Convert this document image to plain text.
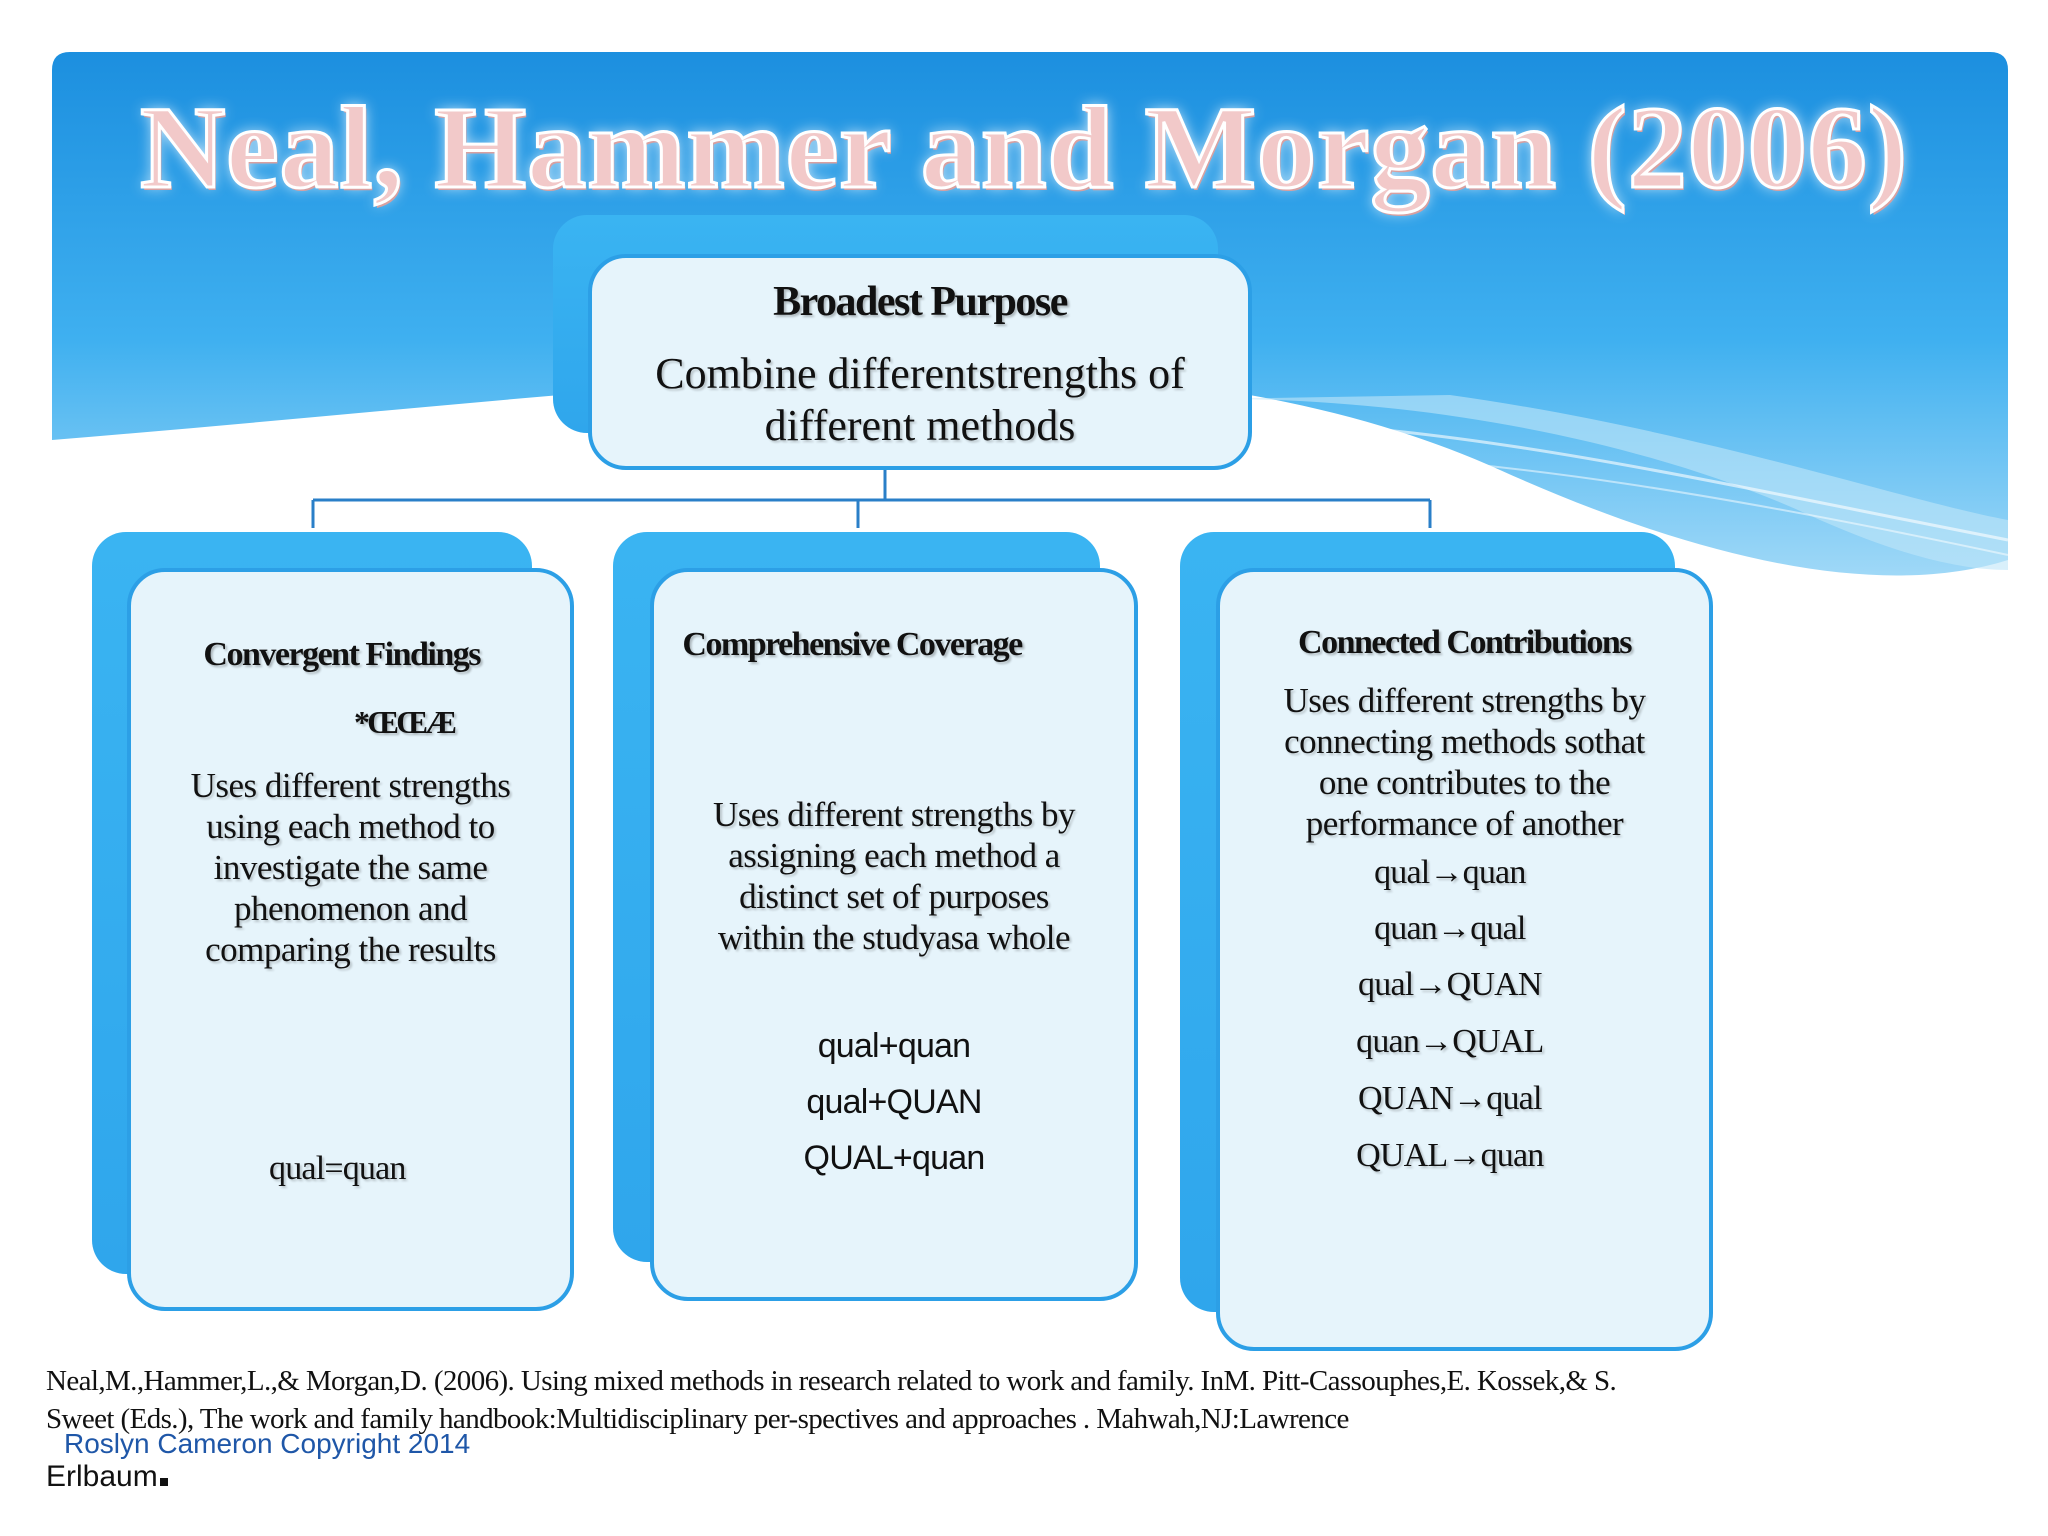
Neal, Hammer and Morgan (2006)
Broadest Purpose
Combine differentstrengths of
different methods
Convergent Findings
*ŒŒÆ
Uses different strengths
using each method to
investigate the same
phenomenon and
comparing the results
qual=quan
Comprehensive Coverage
Uses different strengths by
assigning each method a
distinct set of purposes
within the studyasa whole
qual+quan
qual+QUAN
QUAL+quan
Connected Contributions
Uses different strengths by
connecting methods sothat
one contributes to the
performance of another
qual→quan
quan→qual
qual→QUAN
quan→QUAL
QUAN→qual
QUAL→quan
Neal,M.,Hammer,L.,& Morgan,D. (2006). Using mixed methods in research related to work and family. InM. Pitt-Cassouphes,E. Kossek,& S.
Sweet (Eds.), The work and family handbook:Multidisciplinary per-spectives and approaches . Mahwah,NJ:Lawrence
Roslyn Cameron Copyright 2014
Erlbaum
